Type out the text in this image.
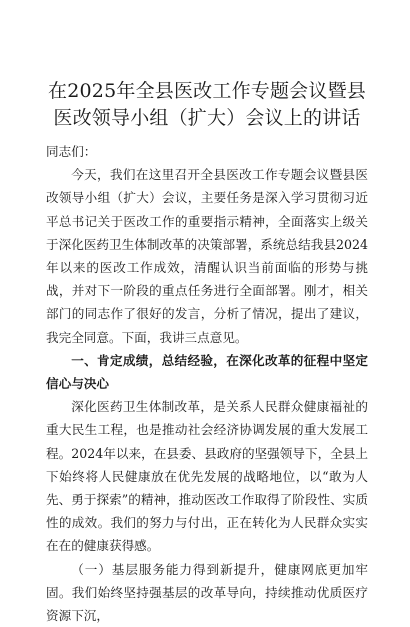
在2025年全县医改工作专题会议暨县医改领导小组（扩大）会议上的讲话

同志们：

今天，我们在这里召开全县医改工作专题会议暨县医改领导小组（扩大）会议，主要任务是深入学习贯彻习近平总书记关于医改工作的重要指示精神，全面落实上级关于深化医药卫生体制改革的决策部署，系统总结我县2024年以来的医改工作成效，清醒认识当前面临的形势与挑战，并对下一阶段的重点任务进行全面部署。刚才，相关部门的同志作了很好的发言，分析了情况，提出了建议，我完全同意。下面，我讲三点意见。

一、肯定成绩，总结经验，在深化改革的征程中坚定信心与决心

深化医药卫生体制改革，是关系人民群众健康福祉的重大民生工程，也是推动社会经济协调发展的重大发展工程。2024年以来，在县委、县政府的坚强领导下，全县上下始终将人民健康放在优先发展的战略地位，以“敢为人先、勇于探索”的精神，推动医改工作取得了阶段性、实质性的成效。我们的努力与付出，正在转化为人民群众实实在在的健康获得感。

（一）基层服务能力得到新提升，健康网底更加牢固。我们始终坚持强基层的改革导向，持续推动优质医疗资源下沉，
